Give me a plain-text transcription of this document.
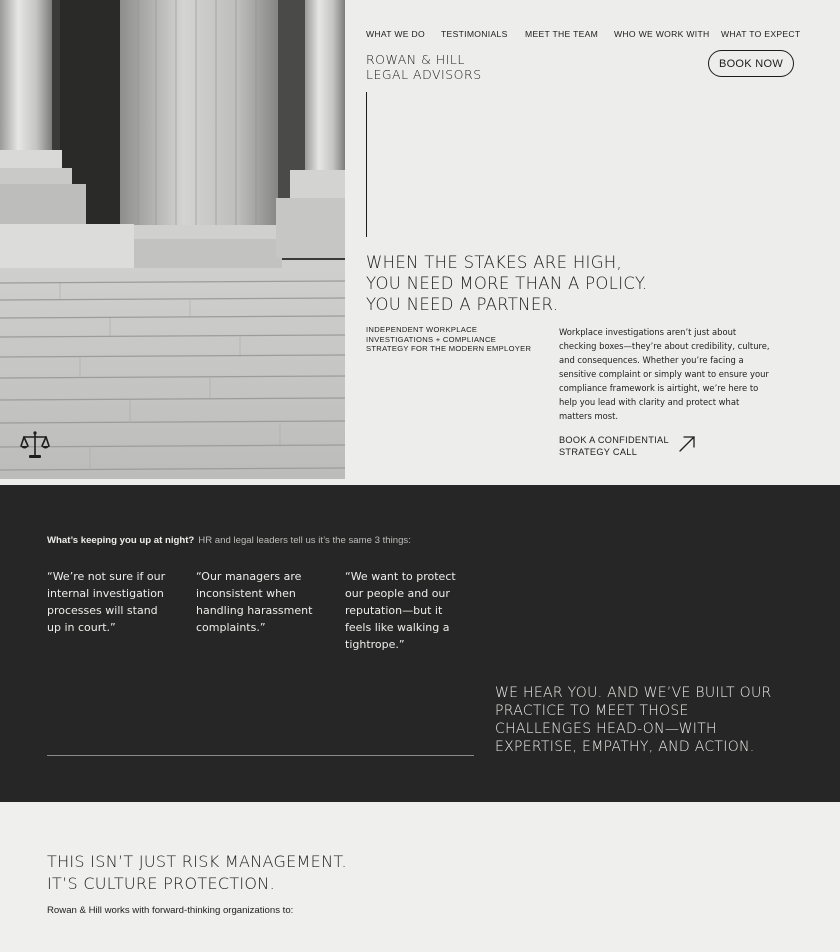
WHAT WE DO TESTIMONIALS MEET THE TEAM WHO WE WORK WITH WHAT TO EXPECT
ROWAN & HILL
LEGAL ADVISORS
BOOK NOW
WHEN THE STAKES ARE HIGH,
YOU NEED MORE THAN A POLICY.
YOU NEED A PARTNER.
INDEPENDENT WORKPLACE
INVESTIGATIONS + COMPLIANCE
STRATEGY FOR THE MODERN EMPLOYER

Workplace investigations aren’t just about
checking boxes—they’re about credibility, culture,
and consequences. Whether you’re facing a
sensitive complaint or simply want to ensure your
compliance framework is airtight, we’re here to
help you lead with clarity and protect what
matters most.

BOOK A CONFIDENTIAL
STRATEGY CALL

What’s keeping you up at night? HR and legal leaders tell us it’s the same 3 things:

“We’re not sure if our
internal investigation
processes will stand
up in court.”
“Our managers are
inconsistent when
handling harassment
complaints.”
“We want to protect
our people and our
reputation—but it
feels like walking a
tightrope.”
WE HEAR YOU. AND WE’VE BUILT OUR
PRACTICE TO MEET THOSE
CHALLENGES HEAD-ON—WITH
EXPERTISE, EMPATHY, AND ACTION.
THIS ISN’T JUST RISK MANAGEMENT.
IT’S CULTURE PROTECTION.

Rowan & Hill works with forward-thinking organizations to:
